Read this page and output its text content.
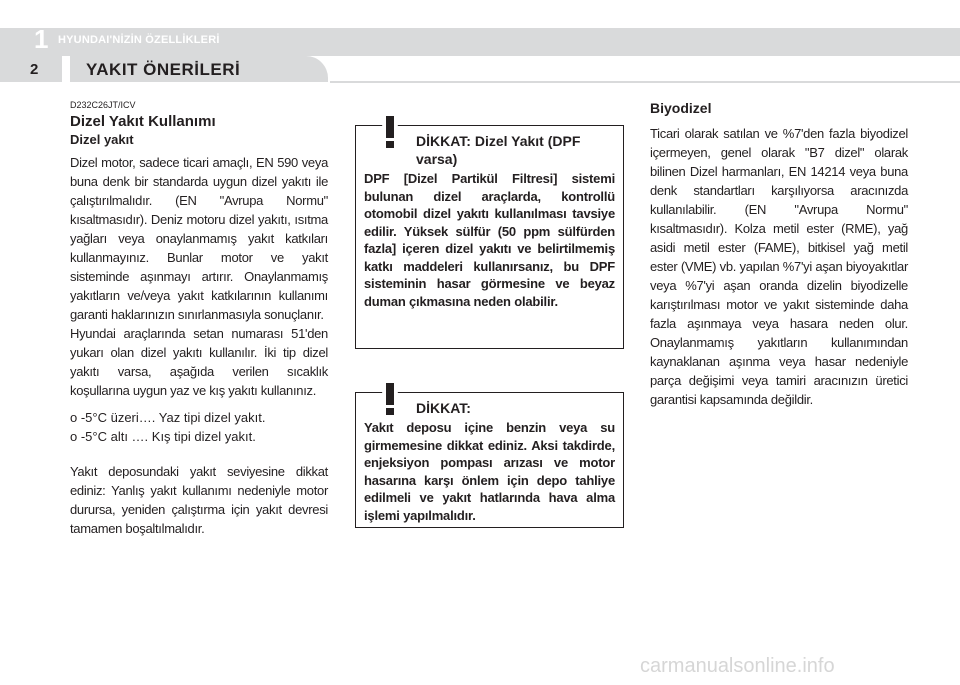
1 HYUNDAI'NİZİN ÖZELLİKLERİ
2	YAKIT ÖNERİLERİ

D232C26JT/ICV

Dizel Yakıt Kullanımı

Dizel yakıt

Dizel motor, sadece ticari amaçlı, EN 590 veya buna denk bir standarda uygun dizel yakıtı ile çalıştırılmalıdır. (EN "Avrupa Normu" kısaltmasıdır). Deniz motoru dizel yakıtı, ısıtma yağları veya onaylanmamış yakıt katkıları kullanmayınız. Bunlar motor ve yakıt sisteminde aşınmayı artırır. Onaylanmamış yakıtların ve/veya yakıt katkılarının kullanımı garanti haklarınızın sınırlanmasıyla sonuçlanır.

Hyundai araçlarında setan numarası 51'den yukarı olan dizel yakıtı kullanılır. İki tip dizel yakıtı varsa, aşağıda verilen sıcaklık koşullarına uygun yaz ve kış yakıtı kullanınız.

o -5°C üzeri…. Yaz tipi dizel yakıt.

o -5°C altı …. Kış tipi dizel yakıt.

Yakıt deposundaki yakıt seviyesine dikkat ediniz: Yanlış yakıt kullanımı nedeniyle motor durursa, yeniden çalıştırma için yakıt devresi tamamen boşaltılmalıdır.

DİKKAT: Dizel Yakıt (DPF varsa)

DPF [Dizel Partikül Filtresi] sistemi bulunan dizel araçlarda, kontrollü otomobil dizel yakıtı kullanılması tavsiye edilir. Yüksek sülfür (50 ppm sülfürden fazla] içeren dizel yakıtı ve belirtilmemiş katkı maddeleri kullanırsanız, bu DPF sisteminin hasar görmesine ve beyaz duman çıkmasına neden olabilir.

DİKKAT:

Yakıt deposu içine benzin veya su girmemesine dikkat ediniz. Aksi takdirde, enjeksiyon pompası arızası ve motor hasarına karşı önlem için depo tahliye edilmeli ve yakıt hatlarında hava alma işlemi yapılmalıdır.

Biyodizel

Ticari olarak satılan ve %7'den fazla biyodizel içermeyen, genel olarak "B7 dizel" olarak bilinen Dizel harmanları, EN 14214 veya buna denk standartları karşılıyorsa aracınızda kullanılabilir. (EN "Avrupa Normu" kısaltmasıdır). Kolza metil ester (RME), yağ asidi metil ester (FAME), bitkisel yağ metil ester (VME) vb. yapılan %7'yi aşan biyoyakıtlar veya %7'yi aşan oranda dizelin biyodizelle karıştırılması motor ve yakıt sisteminde daha fazla aşınmaya veya hasara neden olur. Onaylanmamış yakıtların kullanımından kaynaklanan aşınma veya hasar nedeniyle parça değişimi veya tamiri aracınızın üretici garantisi kapsamında değildir.

carmanualsonline.info
